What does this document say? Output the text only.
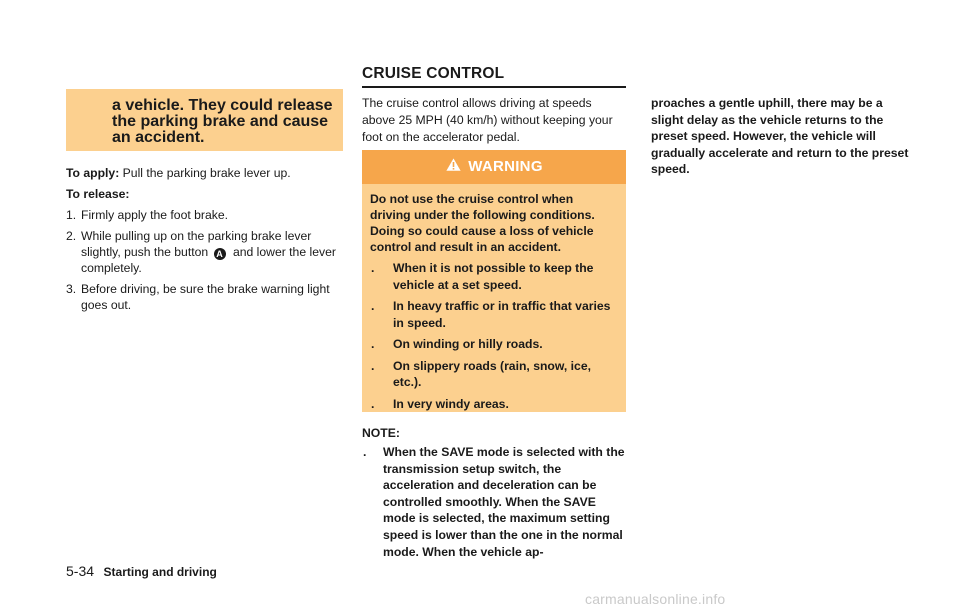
a vehicle. They could release the parking brake and cause an accident.

To apply: Pull the parking brake lever up.

To release:

1. Firmly apply the foot brake.
2. While pulling up on the parking brake lever slightly, push the button A and lower the lever completely.
3. Before driving, be sure the brake warning light goes out.
CRUISE CONTROL

The cruise control allows driving at speeds above 25 MPH (40 km/h) without keeping your foot on the accelerator pedal.

WARNING

Do not use the cruise control when driving under the following conditions. Doing so could cause a loss of vehicle control and result in an accident.

. When it is not possible to keep the vehicle at a set speed.
. In heavy traffic or in traffic that varies in speed.
. On winding or hilly roads.
. On slippery roads (rain, snow, ice, etc.).
. In very windy areas.
NOTE:
. When the SAVE mode is selected with the transmission setup switch, the acceleration and deceleration can be controlled smoothly. When the SAVE mode is selected, the maximum setting speed is lower than the one in the normal mode. When the vehicle ap-

proaches a gentle uphill, there may be a slight delay as the vehicle returns to the preset speed. However, the vehicle will gradually accelerate and return to the preset speed.

5-34 Starting and driving
carmanualsonline.info
